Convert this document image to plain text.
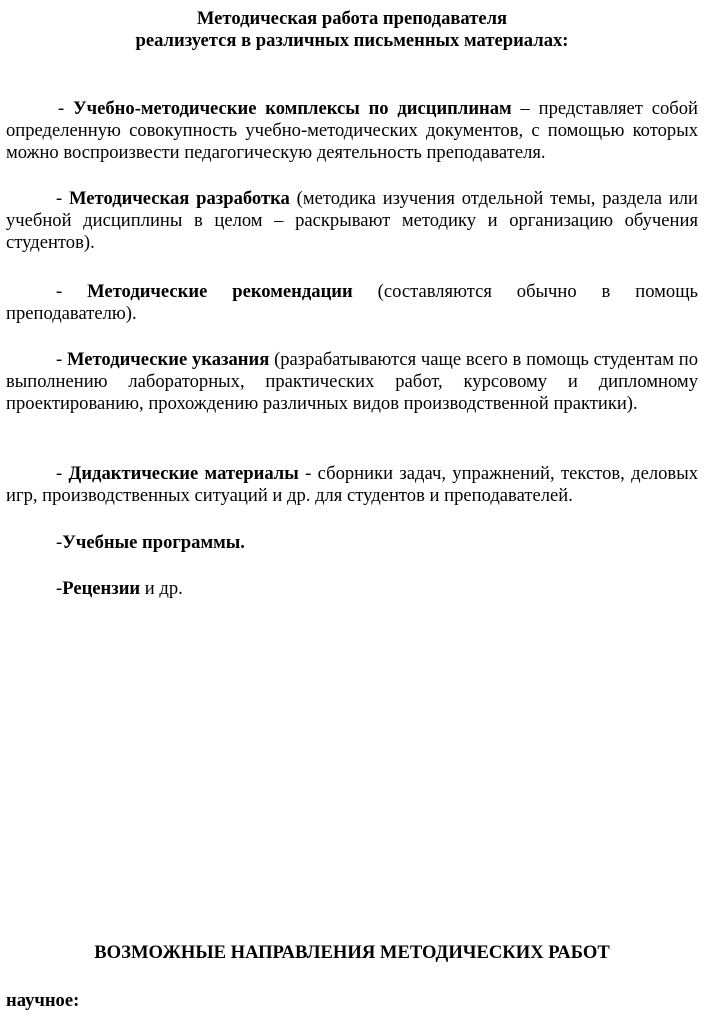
Методическая работа преподавателя
реализуется в различных письменных материалах:

- Учебно-методические комплексы по дисциплинам – представляет собой определенную совокупность учебно-методических документов, с помощью которых можно воспроизвести педагогическую деятельность преподавателя.

- Методическая разработка (методика изучения отдельной темы, раздела или учебной дисциплины в целом – раскрывают методику и организацию обучения студентов).

- Методические рекомендации (составляются обычно в помощь преподавателю).

- Методические указания (разрабатываются чаще всего в помощь студентам по выполнению лабораторных, практических работ, курсовому и дипломному проектированию, прохождению различных видов производственной практики).

- Дидактические материалы - сборники задач, упражнений, текстов, деловых игр, производственных ситуаций и др. для студентов и преподавателей.

-Учебные программы.

-Рецензии и др.

ВОЗМОЖНЫЕ НАПРАВЛЕНИЯ МЕТОДИЧЕСКИХ РАБОТ

научное:
